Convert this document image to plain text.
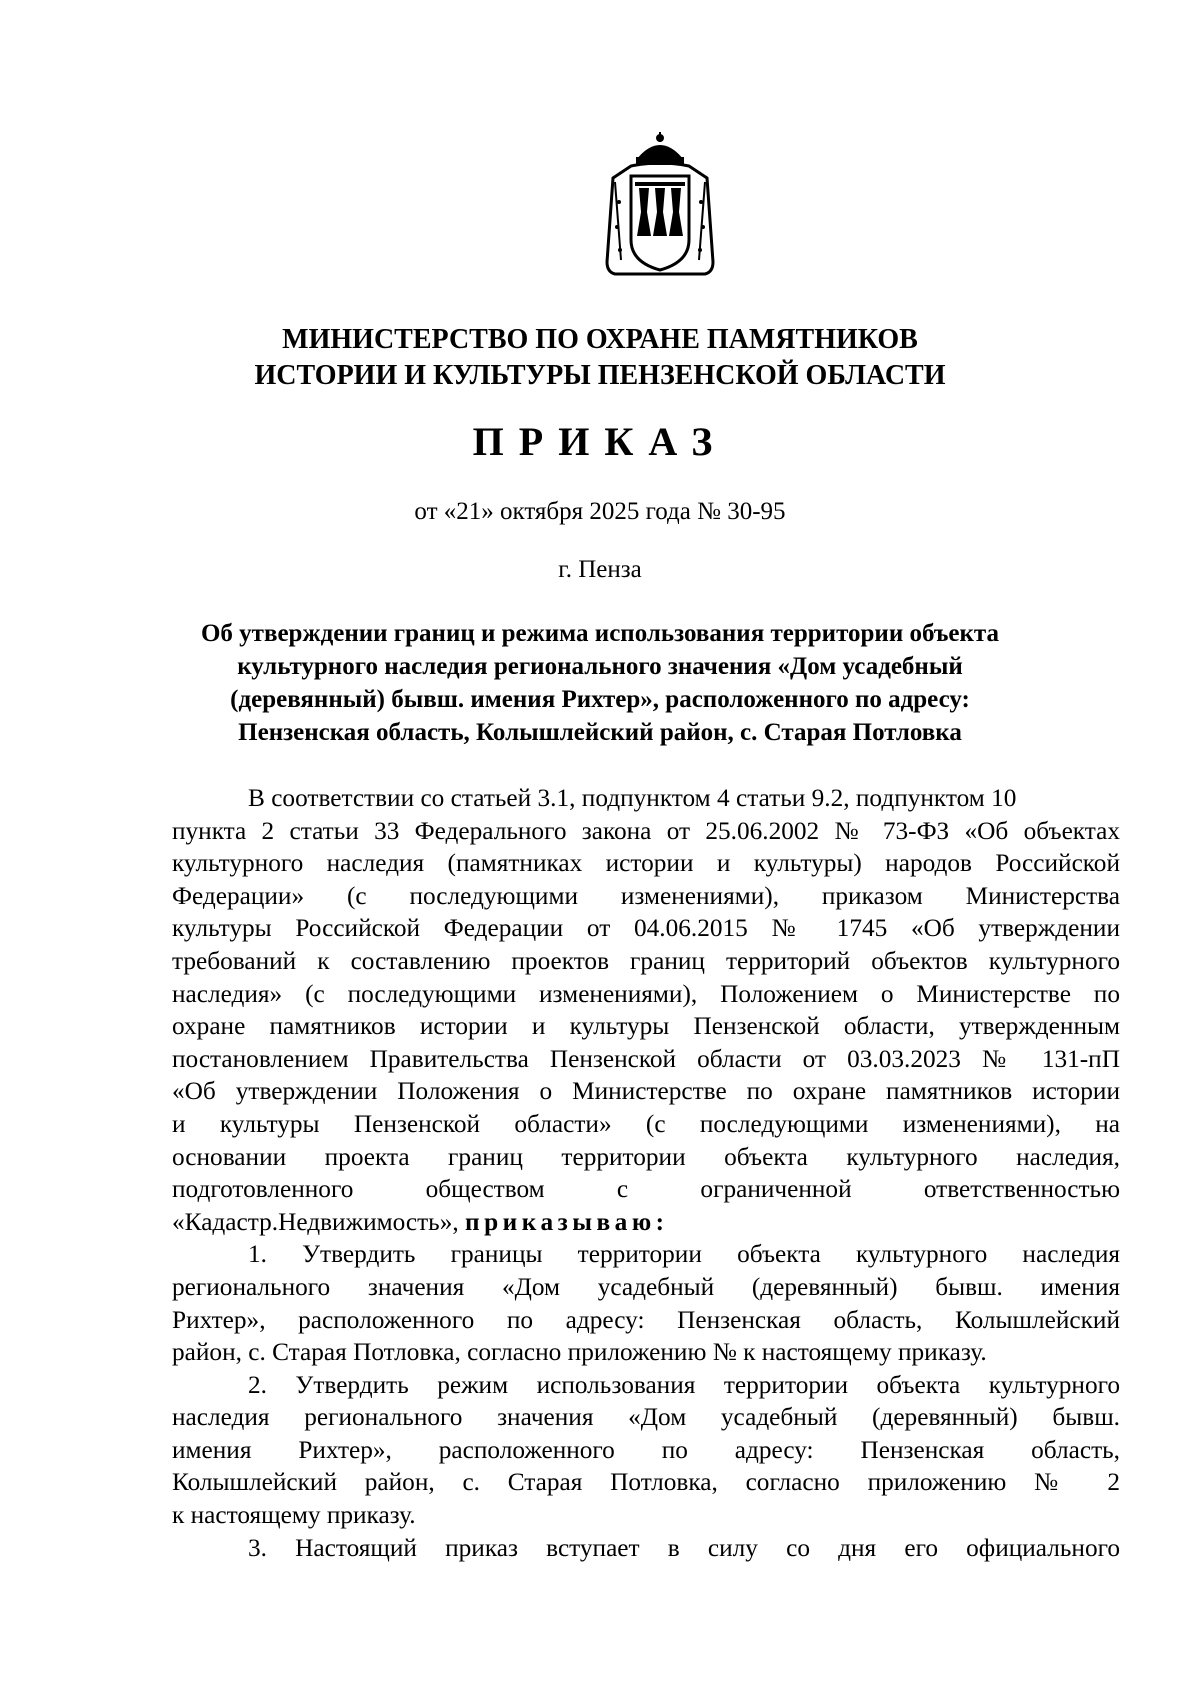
МИНИСТЕРСТВО ПО ОХРАНЕ ПАМЯТНИКОВ
ИСТОРИИ И КУЛЬТУРЫ ПЕНЗЕНСКОЙ ОБЛАСТИ
ПРИКАЗ
от «21» октября 2025 года № 30-95
г. Пенза
Об утверждении границ и режима использования территории объекта
культурного наследия регионального значения «Дом усадебный
(деревянный) бывш. имения Рихтер», расположенного по адресу:
Пензенская область, Колышлейский район, с. Старая Потловка
В соответствии со статьей 3.1, подпунктом 4 статьи 9.2, подпунктом 10
пункта 2 статьи 33 Федерального закона от 25.06.2002 № 73-ФЗ «Об объектах
культурного наследия (памятниках истории и культуры) народов Российской
Федерации» (с последующими изменениями), приказом Министерства
культуры Российской Федерации от 04.06.2015 № 1745 «Об утверждении
требований к составлению проектов границ территорий объектов культурного
наследия» (с последующими изменениями), Положением о Министерстве по
охране памятников истории и культуры Пензенской области, утвержденным
постановлением Правительства Пензенской области от 03.03.2023 № 131-пП
«Об утверждении Положения о Министерстве по охране памятников истории
и культуры Пензенской области» (с последующими изменениями), на
основании проекта границ территории объекта культурного наследия,
подготовленного обществом с ограниченной ответственностью
«Кадастр.Недвижимость», приказываю:
1. Утвердить границы территории объекта культурного наследия
регионального значения «Дом усадебный (деревянный) бывш. имения
Рихтер», расположенного по адресу: Пензенская область, Колышлейский
район, с. Старая Потловка, согласно приложению № к настоящему приказу.
2. Утвердить режим использования территории объекта культурного
наследия регионального значения «Дом усадебный (деревянный) бывш.
имения Рихтер», расположенного по адресу: Пензенская область,
Колышлейский район, с. Старая Потловка, согласно приложению № 2
к настоящему приказу.
3. Настоящий приказ вступает в силу со дня его официального
